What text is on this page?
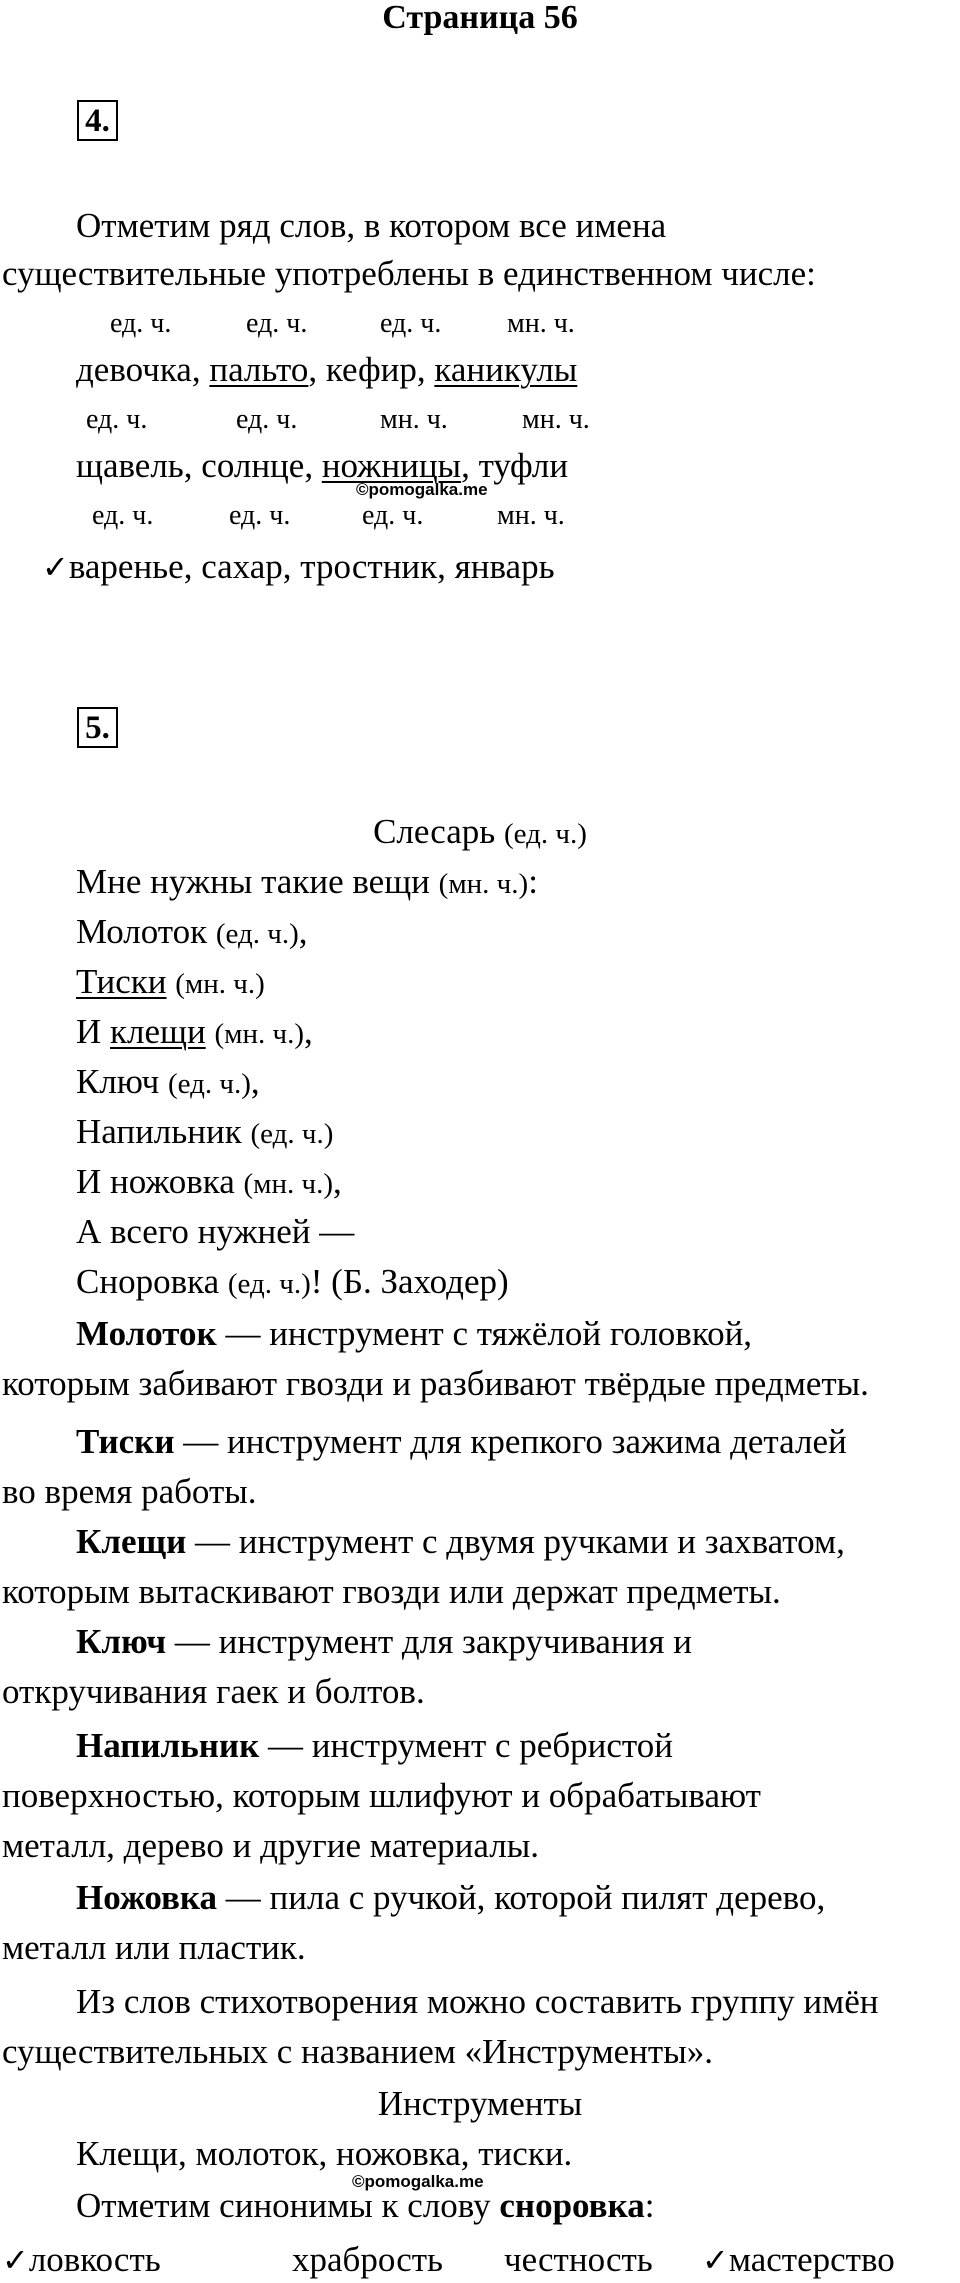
Страница 56
4.
Отметим ряд слов, в котором все имена
существительные употреблены в единственном числе:
ед. ч.	ед. ч.	ед. ч. мн. ч.
девочка, пальто, кефир, каникулы
ед. ч.	ед. ч.	мн. ч.	мн. ч.
щавель, солнце, ножницы, туфли
©pomogalka.me
ед. ч.	ед. ч.	ед. ч.	мн. ч.
✓варенье, сахар, тростник, январь
5.
Слесарь (ед. ч.)
Мне нужны такие вещи (мн. ч.):
Молоток (ед. ч.),
Тиски (мн. ч.)
И клещи (мн. ч.),
Ключ (ед. ч.),
Напильник (ед. ч.)
И ножовка (мн. ч.),
А всего нужней —
Сноровка (ед. ч.)! (Б. Заходер)
Молоток — инструмент с тяжёлой головкой,
которым забивают гвозди и разбивают твёрдые предметы.
Тиски — инструмент для крепкого зажима деталей
во время работы.
Клещи — инструмент с двумя ручками и захватом,
которым вытаскивают гвозди или держат предметы.
Ключ — инструмент для закручивания и
откручивания гаек и болтов.
Напильник — инструмент с ребристой
поверхностью, которым шлифуют и обрабатывают
металл, дерево и другие материалы.
Ножовка — пила с ручкой, которой пилят дерево,
металл или пластик.
Из слов стихотворения можно составить группу имён
существительных с названием «Инструменты».
Инструменты
Клещи, молоток, ножовка, тиски.
©pomogalka.me
Отметим синонимы к слову сноровка:
✓ловкость	храбрость честность ✓мастерство
